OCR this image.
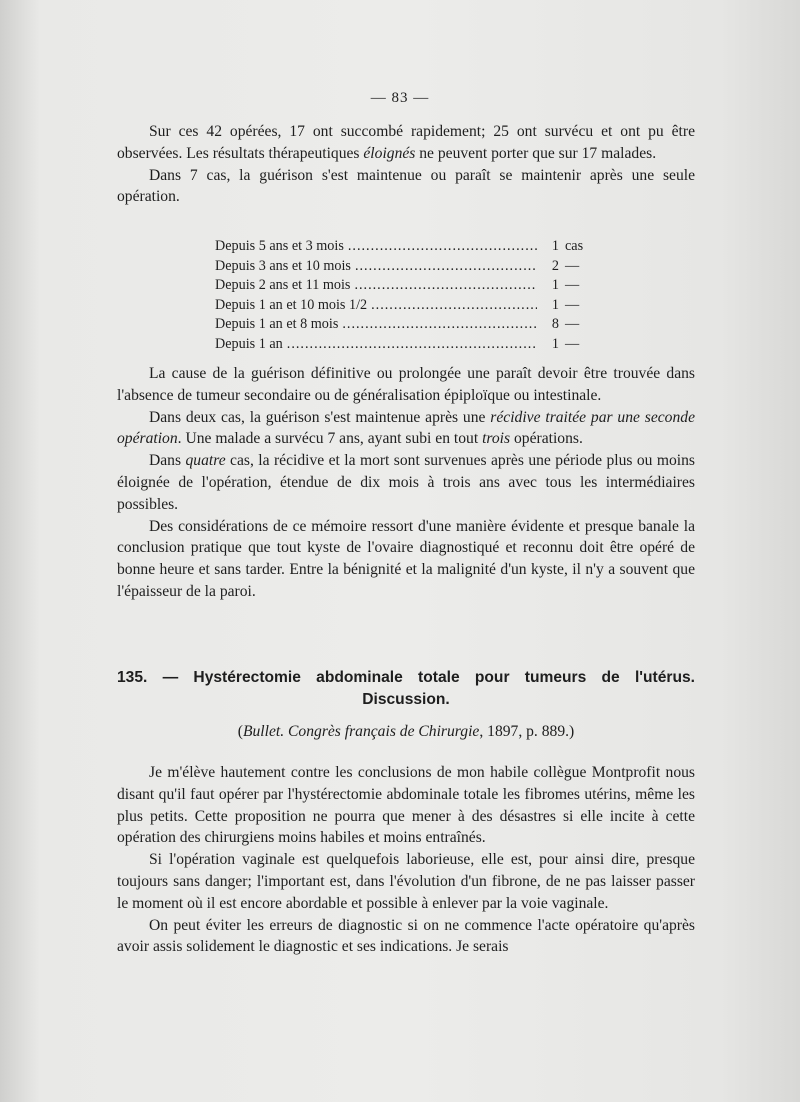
— 83 —

Sur ces 42 opérées, 17 ont succombé rapidement; 25 ont survécu et ont pu être observées. Les résultats thérapeutiques éloignés ne peuvent porter que sur 17 malades.

Dans 7 cas, la guérison s'est maintenue ou paraît se maintenir après une seule opération.

Depuis 5 ans et 3 mois .....	1 cas
Depuis 3 ans et 10 mois .....	2 —
Depuis 2 ans et 11 mois .....	1 —
Depuis 1 an et 10 mois 1/2 .....	1 —
Depuis 1 an et 8 mois .....	8 —
Depuis 1 an .....	1 —

La cause de la guérison définitive ou prolongée une paraît devoir être trouvée dans l'absence de tumeur secondaire ou de généralisation épiploïque ou intestinale.

Dans deux cas, la guérison s'est maintenue après une récidive traitée par une seconde opération. Une malade a survécu 7 ans, ayant subi en tout trois opérations.

Dans quatre cas, la récidive et la mort sont survenues après une période plus ou moins éloignée de l'opération, étendue de dix mois à trois ans avec tous les intermédiaires possibles.

Des considérations de ce mémoire ressort d'une manière évidente et presque banale la conclusion pratique que tout kyste de l'ovaire diagnostiqué et reconnu doit être opéré de bonne heure et sans tarder. Entre la bénignité et la malignité d'un kyste, il n'y a souvent que l'épaisseur de la paroi.

135. — Hystérectomie abdominale totale pour tumeurs de l'utérus.
Discussion.
(Bullet. Congrès français de Chirurgie, 1897, p. 889.)

Je m'élève hautement contre les conclusions de mon habile collègue Montprofit nous disant qu'il faut opérer par l'hystérectomie abdominale totale les fibromes utérins, même les plus petits. Cette proposition ne pourra que mener à des désastres si elle incite à cette opération des chirurgiens moins habiles et moins entraînés.

Si l'opération vaginale est quelquefois laborieuse, elle est, pour ainsi dire, presque toujours sans danger; l'important est, dans l'évolution d'un fibrone, de ne pas laisser passer le moment où il est encore abordable et possible à enlever par la voie vaginale.

On peut éviter les erreurs de diagnostic si on ne commence l'acte opératoire qu'après avoir assis solidement le diagnostic et ses indications. Je serais
